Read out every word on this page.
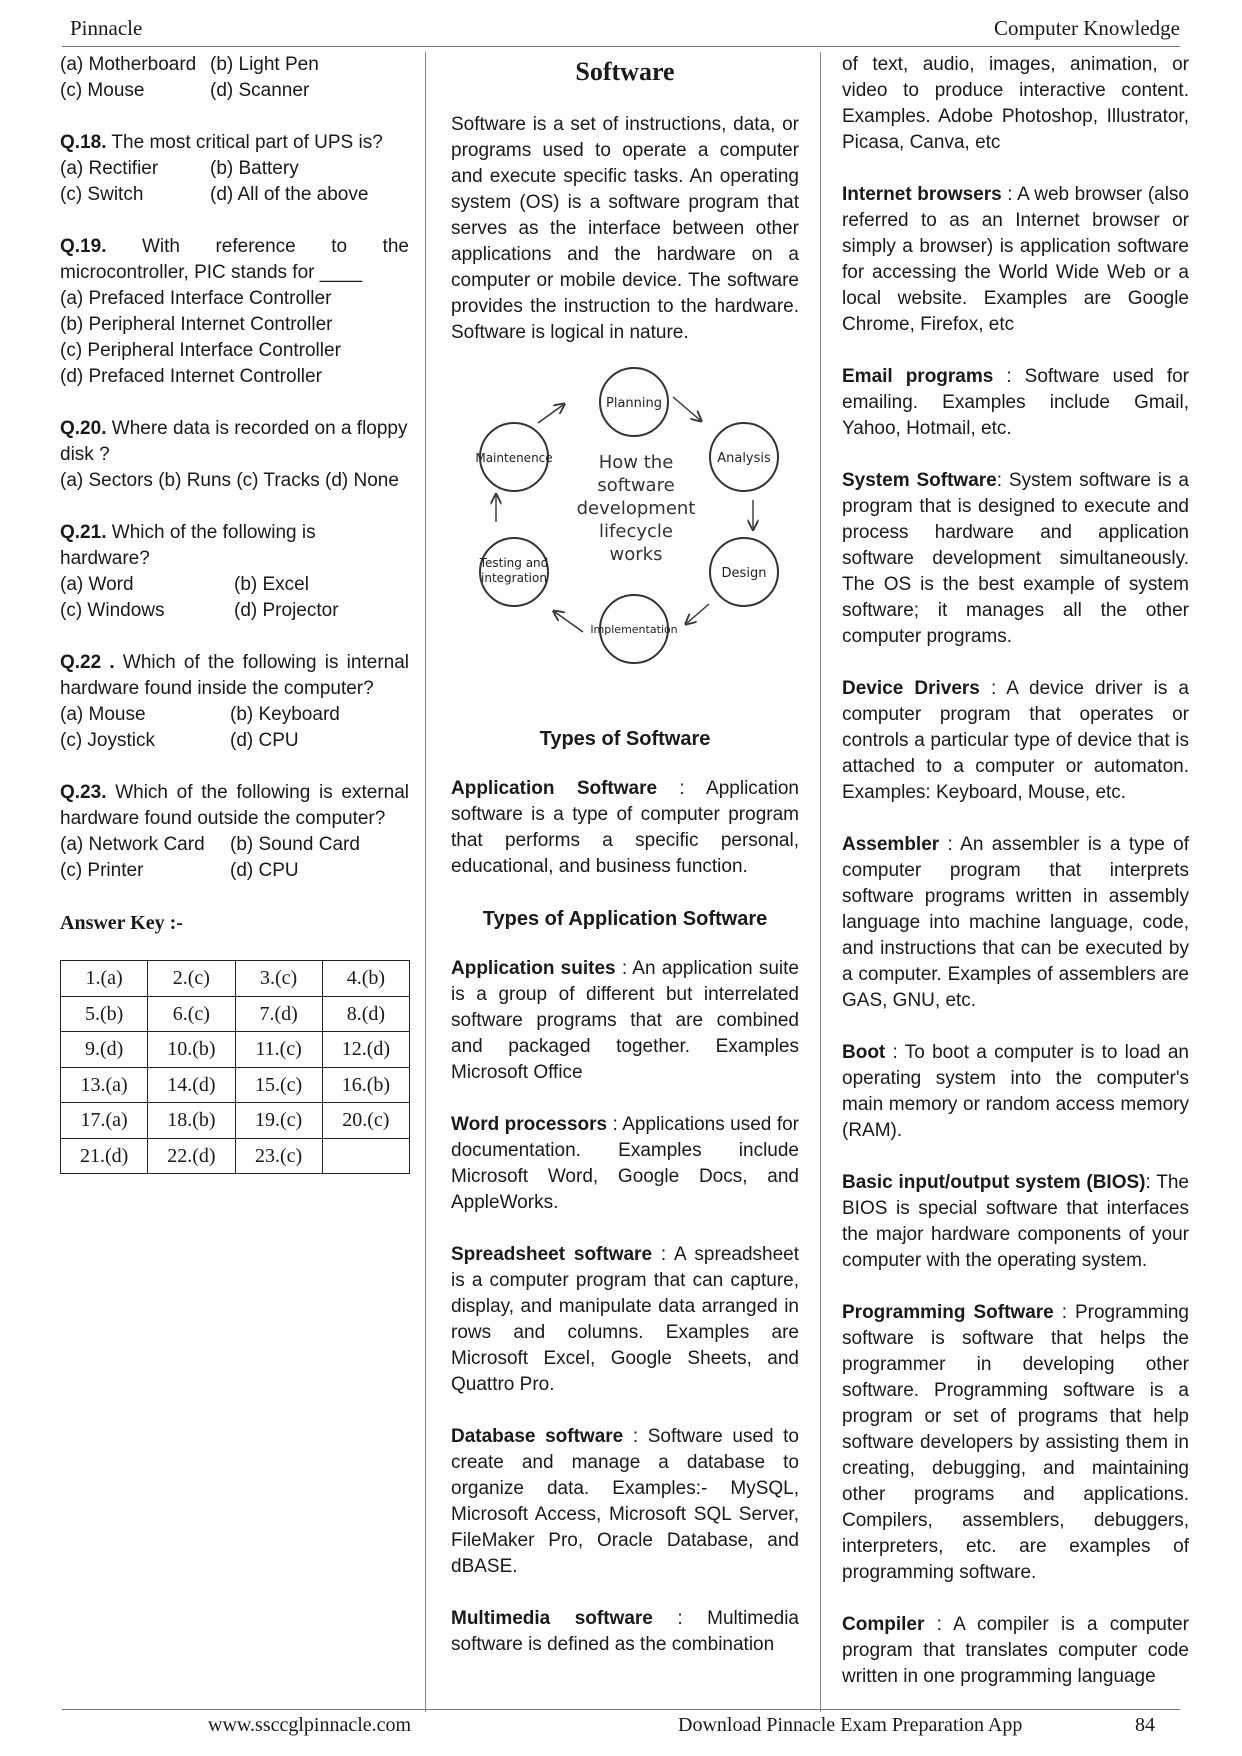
Pinnacle	Computer Knowledge
(a) Motherboard (b) Light Pen
(c) Mouse	(d) Scanner
Q.18. The most critical part of UPS is?
(a) Rectifier	(b) Battery
(c) Switch	(d) All of the above
Q.19. With reference to the microcontroller, PIC stands for ____
(a) Prefaced Interface Controller
(b) Peripheral Internet Controller
(c) Peripheral Interface Controller
(d) Prefaced Internet Controller
Q.20. Where data is recorded on a floppy disk ?
(a) Sectors (b) Runs (c) Tracks (d) None
Q.21. Which of the following is hardware?
(a) Word	(b) Excel
(c) Windows	(d) Projector
Q.22 . Which of the following is internal hardware found inside the computer?
(a) Mouse	(b) Keyboard
(c) Joystick	(d) CPU
Q.23. Which of the following is external hardware found outside the computer?
(a) Network Card	(b) Sound Card
(c) Printer	(d) CPU
Answer Key :-
1.(a)	2.(c)	3.(c)	4.(b)
5.(b)	6.(c)	7.(d)	8.(d)
9.(d)	10.(b)	11.(c)	12.(d)
13.(a)	14.(d)	15.(c)	16.(b)
17.(a)	18.(b)	19.(c)	20.(c)
21.(d)	22.(d)	23.(c)	
Software

Software is a set of instructions, data, or programs used to operate a computer and execute specific tasks. An operating system (OS) is a software program that serves as the interface between other applications and the hardware on a computer or mobile device. The software provides the instruction to the hardware. Software is logical in nature.

Planning
Analysis
Design
Implementation
Testing and
integration
Maintenence	How the
software
development
lifecycle
works
Types of Software

Application Software : Application software is a type of computer program that performs a specific personal, educational, and business function.

Types of Application Software

Application suites : An application suite is a group of different but interrelated software programs that are combined and packaged together. Examples Microsoft Office

Word processors : Applications used for documentation. Examples include Microsoft Word, Google Docs, and AppleWorks.

Spreadsheet software : A spreadsheet is a computer program that can capture, display, and manipulate data arranged in rows and columns. Examples are Microsoft Excel, Google Sheets, and Quattro Pro.

Database software : Software used to create and manage a database to organize data. Examples:- MySQL, Microsoft Access, Microsoft SQL Server, FileMaker Pro, Oracle Database, and dBASE.

Multimedia software : Multimedia software is defined as the combination

of text, audio, images, animation, or video to produce interactive content. Examples. Adobe Photoshop, Illustrator, Picasa, Canva, etc

Internet browsers : A web browser (also referred to as an Internet browser or simply a browser) is application software for accessing the World Wide Web or a local website. Examples are Google Chrome, Firefox, etc

Email programs : Software used for emailing. Examples include Gmail, Yahoo, Hotmail, etc.

System Software: System software is a program that is designed to execute and process hardware and application software development simultaneously. The OS is the best example of system software; it manages all the other computer programs.

Device Drivers : A device driver is a computer program that operates or controls a particular type of device that is attached to a computer or automaton. Examples: Keyboard, Mouse, etc.

Assembler : An assembler is a type of computer program that interprets software programs written in assembly language into machine language, code, and instructions that can be executed by a computer. Examples of assemblers are GAS, GNU, etc.

Boot : To boot a computer is to load an operating system into the computer's main memory or random access memory (RAM).

Basic input/output system (BIOS): The BIOS is special software that interfaces the major hardware components of your computer with the operating system.

Programming Software : Programming software is software that helps the programmer in developing other software. Programming software is a program or set of programs that help software developers by assisting them in creating, debugging, and maintaining other programs and applications. Compilers, assemblers, debuggers, interpreters, etc. are examples of programming software.

Compiler : A compiler is a computer program that translates computer code written in one programming language

www.ssccglpinnacle.com	Download Pinnacle Exam Preparation App	84
